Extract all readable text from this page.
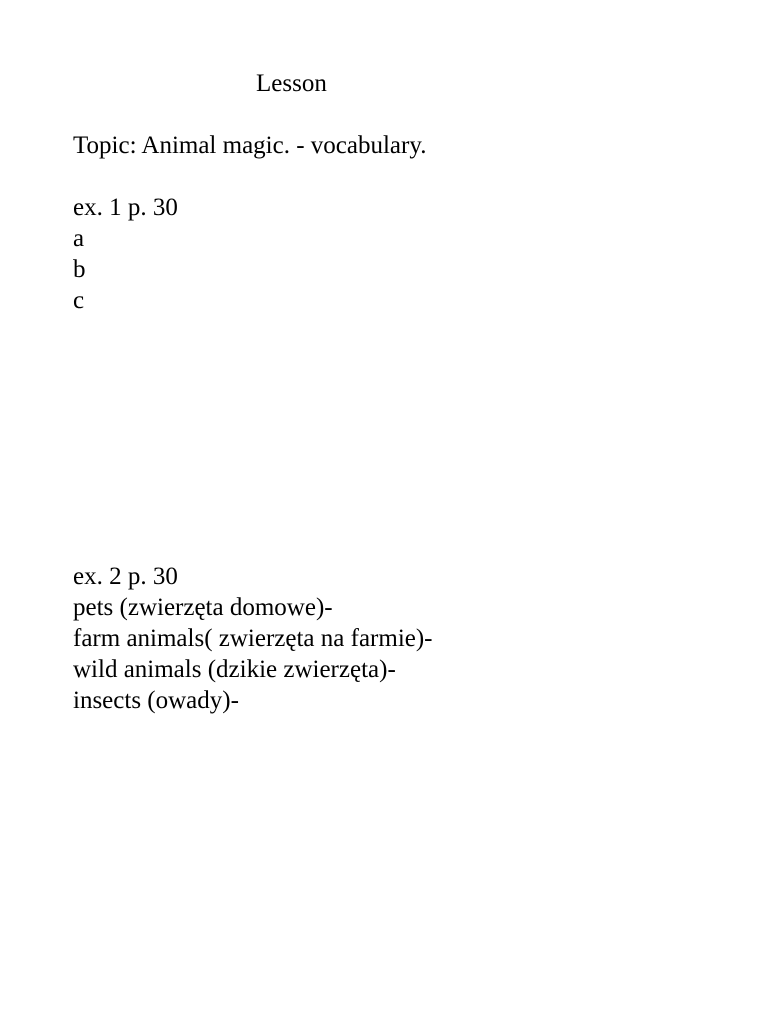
Lesson

Topic: Animal magic. - vocabulary.

ex. 1 p. 30
a
b
c
ex. 2 p. 30
pets (zwierzęta domowe)-
farm animals( zwierzęta na farmie)-
wild animals (dzikie zwierzęta)-
insects (owady)-
